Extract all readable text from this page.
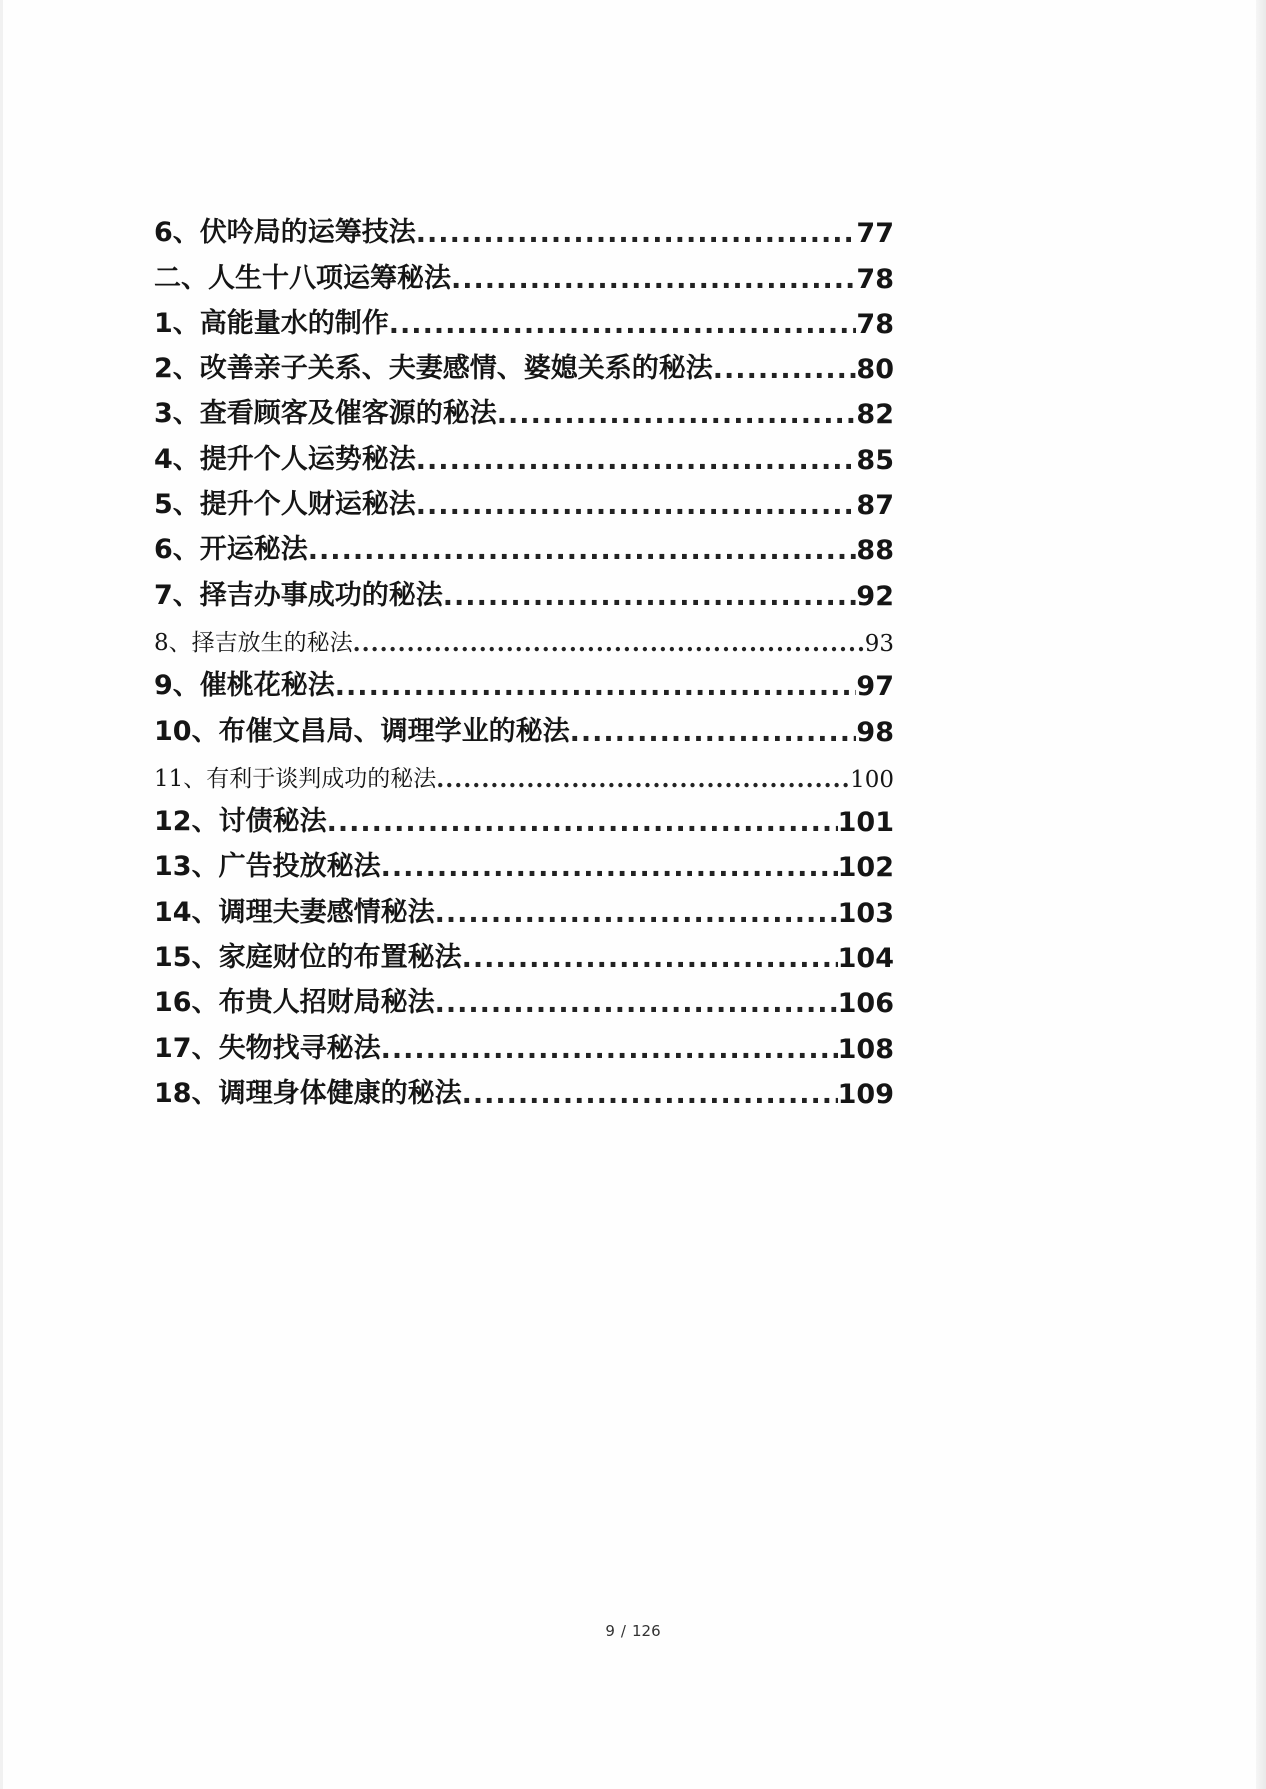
6、伏吟局的运筹技法 .....	77
二、人生十八项运筹秘法 .....	78
1、高能量水的制作 .....	78
2、改善亲子关系、夫妻感情、婆媳关系的秘法 .....	80
3、查看顾客及催客源的秘法 .....	82
4、提升个人运势秘法 .....	85
5、提升个人财运秘法 .....	87
6、开运秘法 .....	88
7、择吉办事成功的秘法 .....	92
8、择吉放生的秘法 .....	93
9、催桃花秘法 .....	97
10、布催文昌局、调理学业的秘法 .....	98
11、有利于谈判成功的秘法 .....	100
12、讨债秘法 .....	101
13、广告投放秘法 .....	102
14、调理夫妻感情秘法 .....	103
15、家庭财位的布置秘法 .....	104
16、布贵人招财局秘法 .....	106
17、失物找寻秘法 .....	108
18、调理身体健康的秘法 .....	109
9 / 126
